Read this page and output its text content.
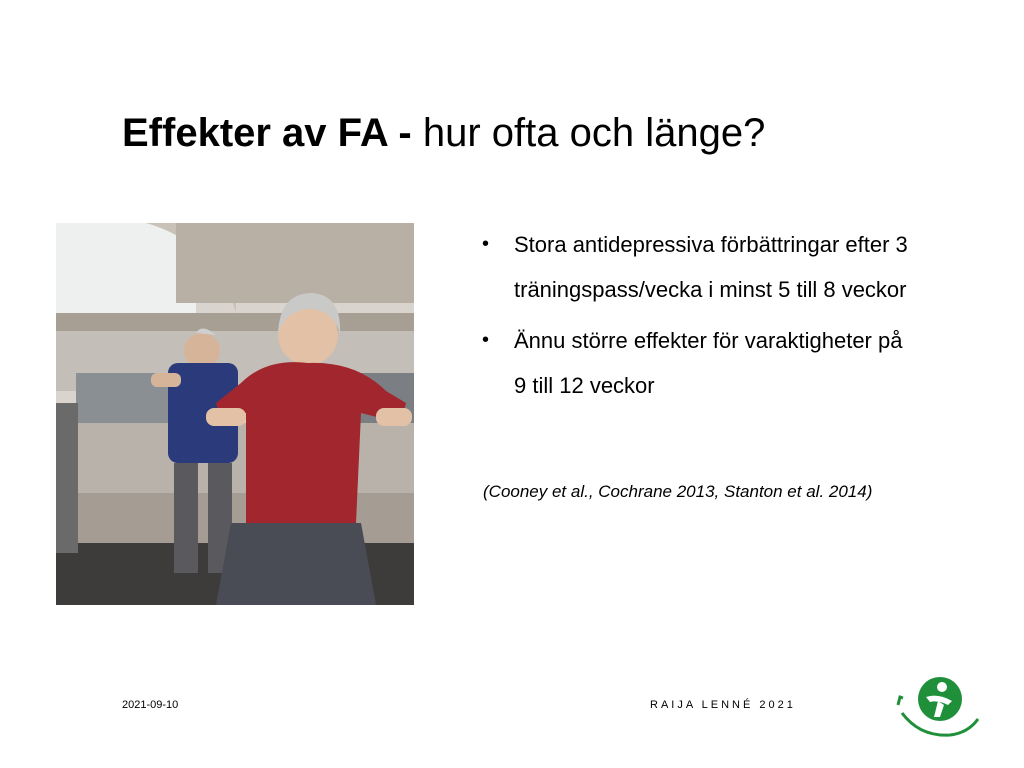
Effekter av FA - hur ofta och länge?
• Stora antidepressiva förbättringar efter 3 träningspass/vecka i minst 5 till 8 veckor
• Ännu större effekter för varaktigheter på 9 till 12 veckor
(Cooney et al., Cochrane 2013, Stanton et al. 2014)
2021-09-10	RAIJA LENNÉ 2021
